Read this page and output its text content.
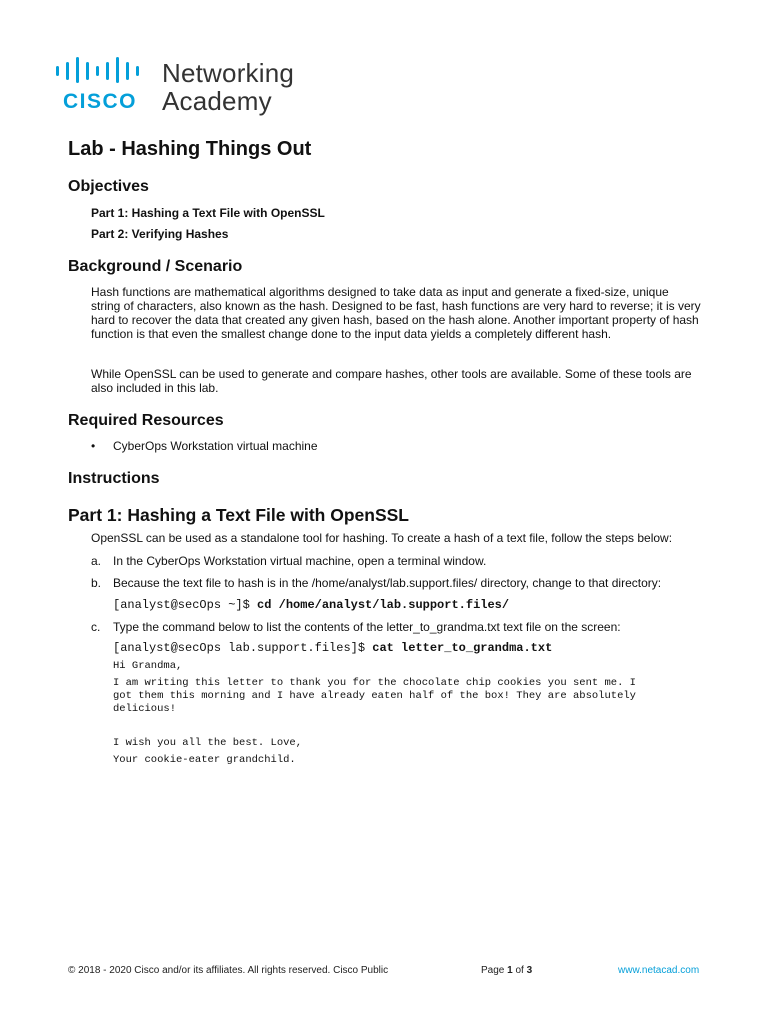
CISCO
Networking
Academy
Lab - Hashing Things Out
Objectives
Part 1: Hashing a Text File with OpenSSL
Part 2: Verifying Hashes
Background / Scenario

Hash functions are mathematical algorithms designed to take data as input and generate a fixed-size, unique string of characters, also known as the hash. Designed to be fast, hash functions are very hard to reverse; it is very hard to recover the data that created any given hash, based on the hash alone. Another important property of hash function is that even the smallest change done to the input data yields a completely different hash.

While OpenSSL can be used to generate and compare hashes, other tools are available. Some of these tools are also included in this lab.

Required Resources
• CyberOps Workstation virtual machine
Instructions
Part 1: Hashing a Text File with OpenSSL

OpenSSL can be used as a standalone tool for hashing. To create a hash of a text file, follow the steps below:

a. In the CyberOps Workstation virtual machine, open a terminal window.
b. Because the text file to hash is in the /home/analyst/lab.support.files/ directory, change to that directory:
[analyst@secOps ~]$ cd /home/analyst/lab.support.files/
c. Type the command below to list the contents of the letter_to_grandma.txt text file on the screen:
[analyst@secOps lab.support.files]$ cat letter_to_grandma.txt
Hi Grandma,
I am writing this letter to thank you for the chocolate chip cookies you sent me. I
got them this morning and I have already eaten half of the box! They are absolutely
delicious!
I wish you all the best. Love,
Your cookie-eater grandchild.
© 2018 - 2020 Cisco and/or its affiliates. All rights reserved. Cisco Public	Page 1 of 3	www.netacad.com
